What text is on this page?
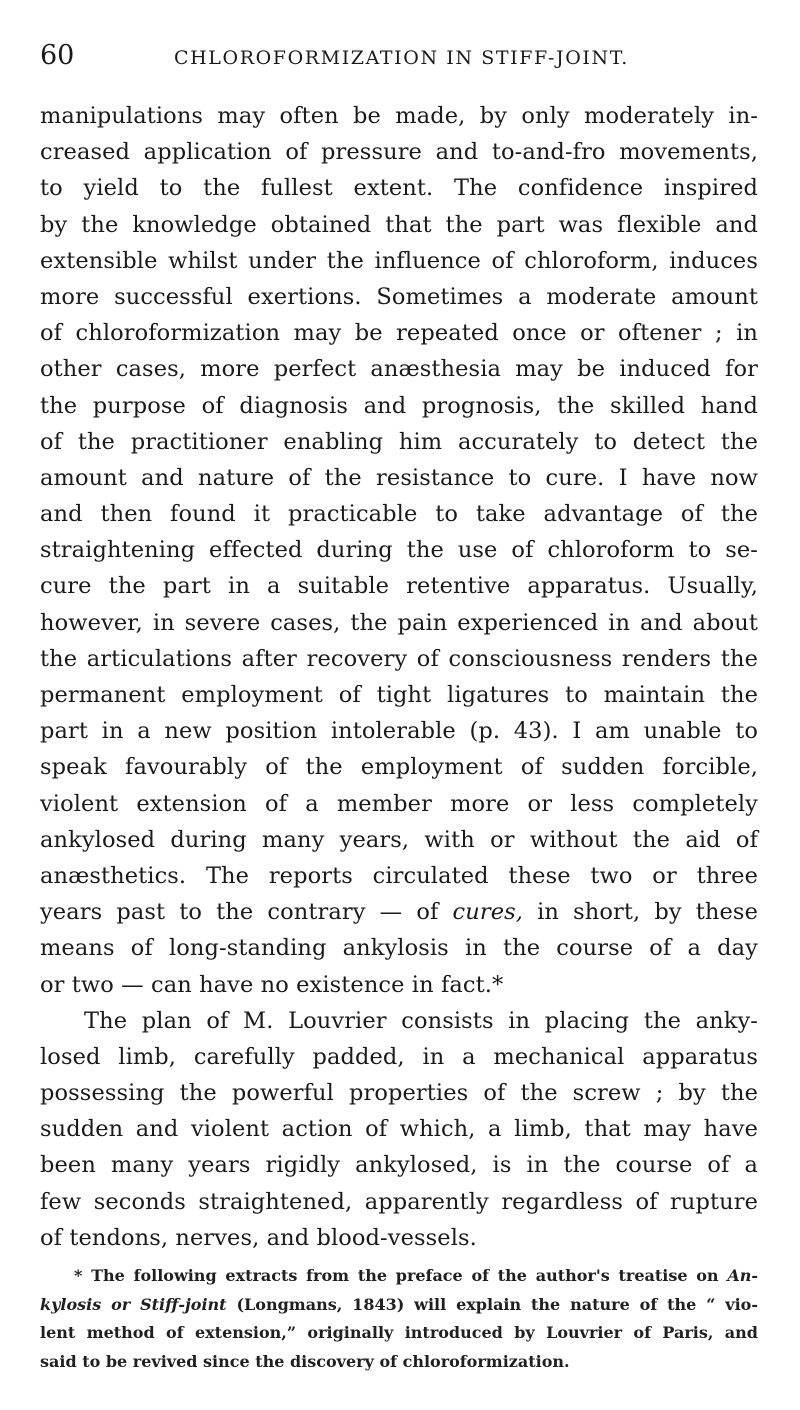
60	CHLOROFORMIZATION IN STIFF-JOINT.
manipulations may often be made, by only moderately in-
creased application of pressure and to-and-fro movements,
to yield to the fullest extent. The confidence inspired
by the knowledge obtained that the part was flexible and
extensible whilst under the influence of chloroform, induces
more successful exertions. Sometimes a moderate amount
of chloroformization may be repeated once or oftener ; in
other cases, more perfect anæsthesia may be induced for
the purpose of diagnosis and prognosis, the skilled hand
of the practitioner enabling him accurately to detect the
amount and nature of the resistance to cure. I have now
and then found it practicable to take advantage of the
straightening effected during the use of chloroform to se-
cure the part in a suitable retentive apparatus. Usually,
however, in severe cases, the pain experienced in and about
the articulations after recovery of consciousness renders the
permanent employment of tight ligatures to maintain the
part in a new position intolerable (p. 43). I am unable to
speak favourably of the employment of sudden forcible,
violent extension of a member more or less completely
ankylosed during many years, with or without the aid of
anæsthetics. The reports circulated these two or three
years past to the contrary — of cures, in short, by these
means of long-standing ankylosis in the course of a day
or two — can have no existence in fact.*
The plan of M. Louvrier consists in placing the anky-
losed limb, carefully padded, in a mechanical apparatus
possessing the powerful properties of the screw ; by the
sudden and violent action of which, a limb, that may have
been many years rigidly ankylosed, is in the course of a
few seconds straightened, apparently regardless of rupture
of tendons, nerves, and blood-vessels.
* The following extracts from the preface of the author's treatise on An-
kylosis or Stiff-joint (Longmans, 1843) will explain the nature of the “ vio-
lent method of extension,” originally introduced by Louvrier of Paris, and
said to be revived since the discovery of chloroformization.
